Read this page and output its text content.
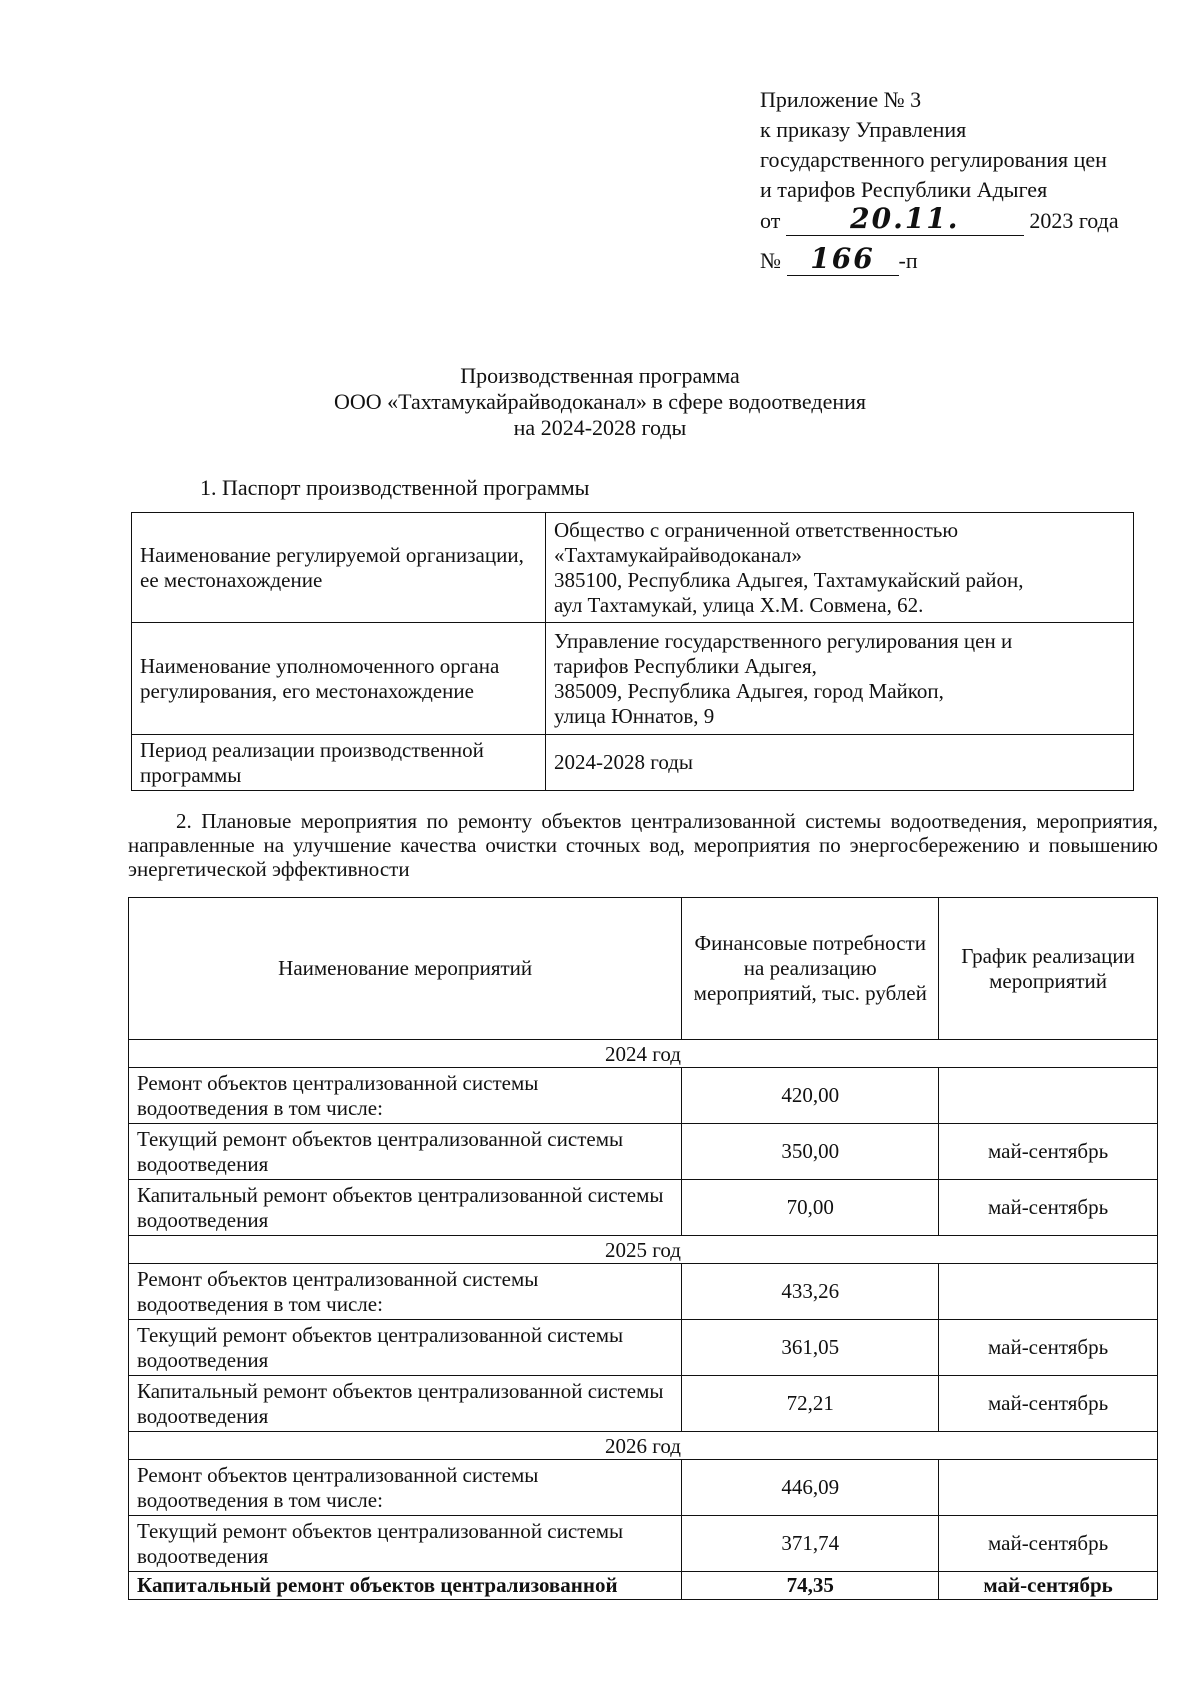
Приложение № 3
к приказу Управления
государственного регулирования цен
и тарифов Республики Адыгея
от 20.11.	2023 года
№ 166 -п
Производственная программа
ООО «Тахтамукайрайводоканал» в сфере водоотведения
на 2024-2028 годы
1. Паспорт производственной программы
Наименование регулируемой организации, ее местонахождение	Общество с ограниченной ответственностью
«Тахтамукайрайводоканал»
385100, Республика Адыгея, Тахтамукайский район,
аул Тахтамукай, улица Х.М. Совмена, 62.

Наименование уполномоченного органа регулирования, его местонахождение	Управление государственного регулирования цен и
тарифов Республики Адыгея,
385009, Республика Адыгея, город Майкоп,
улица Юннатов, 9

Период реализации производственной программы	2024-2028 годы
2. Плановые мероприятия по ремонту объектов централизованной системы водоотведения, мероприятия, направленные на улучшение качества очистки сточных вод, мероприятия по энергосбережению и повышению энергетической эффективности
Наименование мероприятий	Финансовые потребности на реализацию мероприятий, тыс. рублей	График реализации мероприятий
2024 год		
Ремонт объектов централизованной системы водоотведения в том числе:	420,00	
Текущий ремонт объектов централизованной системы водоотведения	350,00	май-сентябрь
Капитальный ремонт объектов централизованной системы водоотведения	70,00	май-сентябрь
2025 год		
Ремонт объектов централизованной системы водоотведения в том числе:	433,26	
Текущий ремонт объектов централизованной системы водоотведения	361,05	май-сентябрь
Капитальный ремонт объектов централизованной системы водоотведения	72,21	май-сентябрь
2026 год		
Ремонт объектов централизованной системы водоотведения в том числе:	446,09	
Текущий ремонт объектов централизованной системы водоотведения	371,74	май-сентябрь
Капитальный ремонт объектов централизованной	74,35	май-сентябрь
